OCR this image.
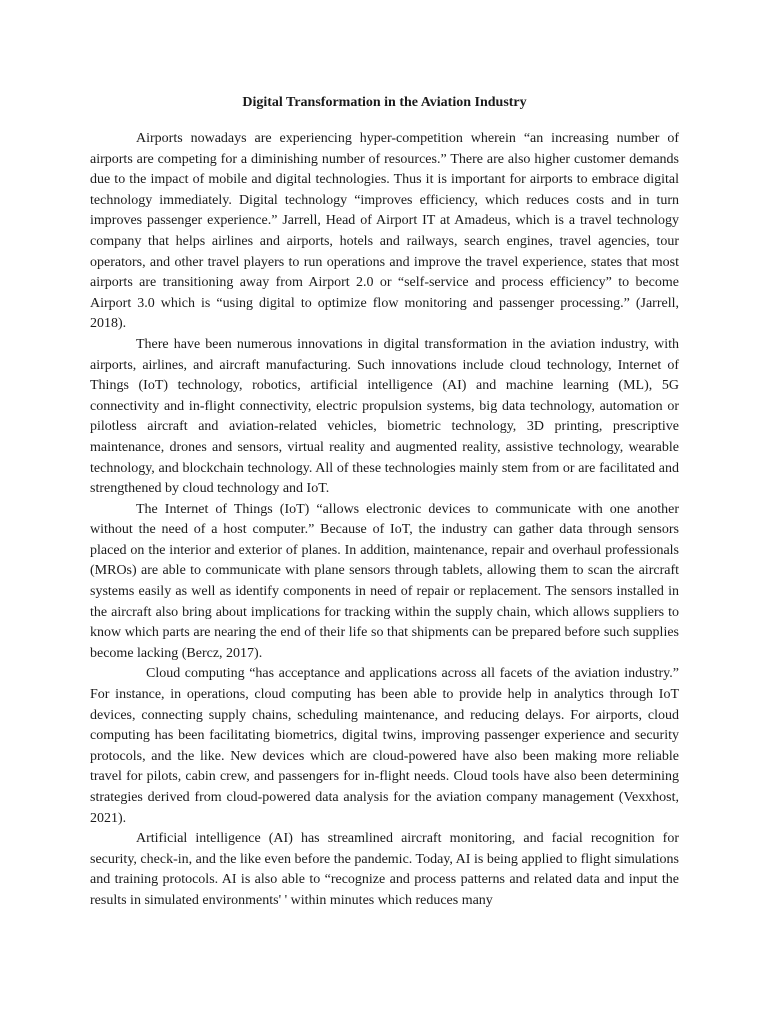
Digital Transformation in the Aviation Industry

Airports nowadays are experiencing hyper-competition wherein “an increasing number of airports are competing for a diminishing number of resources.” There are also higher customer demands due to the impact of mobile and digital technologies. Thus it is important for airports to embrace digital technology immediately. Digital technology “improves efficiency, which reduces costs and in turn improves passenger experience.” Jarrell, Head of Airport IT at Amadeus, which is a travel technology company that helps airlines and airports, hotels and railways, search engines, travel agencies, tour operators, and other travel players to run operations and improve the travel experience, states that most airports are transitioning away from Airport 2.0 or “self-service and process efficiency” to become Airport 3.0 which is “using digital to optimize flow monitoring and passenger processing.” (Jarrell, 2018).

There have been numerous innovations in digital transformation in the aviation industry, with airports, airlines, and aircraft manufacturing. Such innovations include cloud technology, Internet of Things (IoT) technology, robotics, artificial intelligence (AI) and machine learning (ML), 5G connectivity and in-flight connectivity, electric propulsion systems, big data technology, automation or pilotless aircraft and aviation-related vehicles, biometric technology, 3D printing, prescriptive maintenance, drones and sensors, virtual reality and augmented reality, assistive technology, wearable technology, and blockchain technology. All of these technologies mainly stem from or are facilitated and strengthened by cloud technology and IoT.

The Internet of Things (IoT) “allows electronic devices to communicate with one another without the need of a host computer.” Because of IoT, the industry can gather data through sensors placed on the interior and exterior of planes. In addition, maintenance, repair and overhaul professionals (MROs) are able to communicate with plane sensors through tablets, allowing them to scan the aircraft systems easily as well as identify components in need of repair or replacement. The sensors installed in the aircraft also bring about implications for tracking within the supply chain, which allows suppliers to know which parts are nearing the end of their life so that shipments can be prepared before such supplies become lacking (Bercz, 2017).

Cloud computing “has acceptance and applications across all facets of the aviation industry.” For instance, in operations, cloud computing has been able to provide help in analytics through IoT devices, connecting supply chains, scheduling maintenance, and reducing delays. For airports, cloud computing has been facilitating biometrics, digital twins, improving passenger experience and security protocols, and the like. New devices which are cloud-powered have also been making more reliable travel for pilots, cabin crew, and passengers for in-flight needs. Cloud tools have also been determining strategies derived from cloud-powered data analysis for the aviation company management (Vexxhost, 2021).

Artificial intelligence (AI) has streamlined aircraft monitoring, and facial recognition for security, check-in, and the like even before the pandemic. Today, AI is being applied to flight simulations and training protocols. AI is also able to “recognize and process patterns and related data and input the results in simulated environments' ' within minutes which reduces many
